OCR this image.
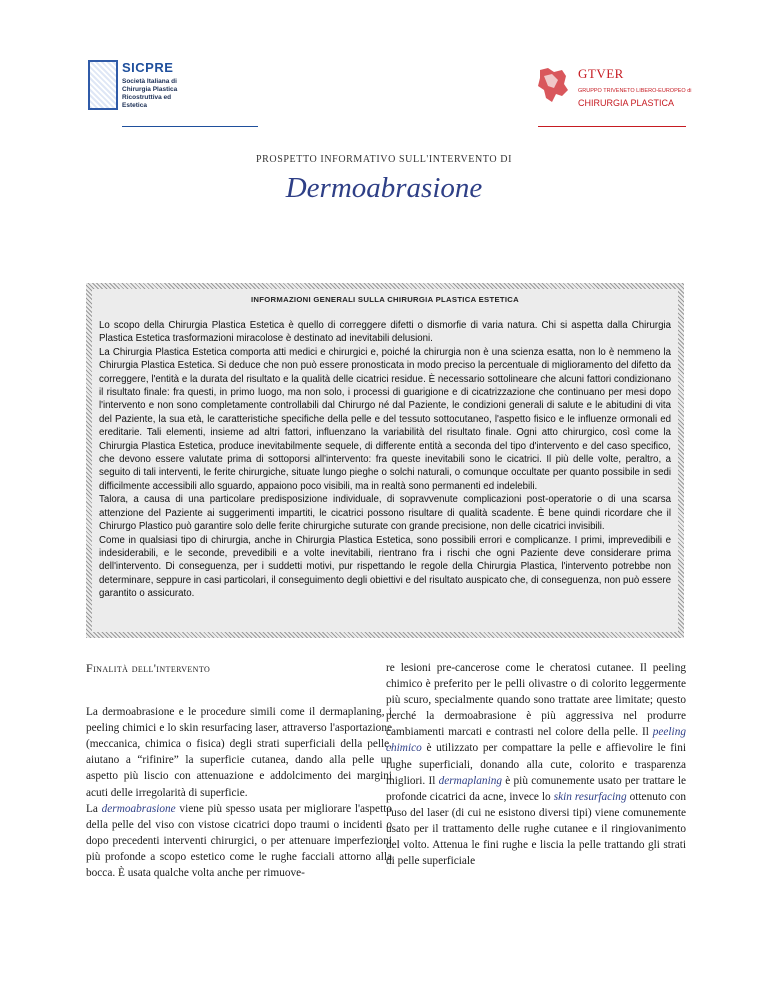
SICPRE
Società Italiana di
Chirurgia Plastica
Ricostruttiva ed Estetica
GTVER
GRUPPO TRIVENETO LIBERO-EUROPEO di
CHIRURGIA PLASTICA
PROSPETTO INFORMATIVO SULL'INTERVENTO DI
Dermoabrasione
INFORMAZIONI GENERALI SULLA CHIRURGIA PLASTICA ESTETICA

Lo scopo della Chirurgia Plastica Estetica è quello di correggere difetti o dismorfie di varia natura. Chi si aspetta dalla Chirurgia Plastica Estetica trasformazioni miracolose è destinato ad inevitabili delusioni.

La Chirurgia Plastica Estetica comporta atti medici e chirurgici e, poiché la chirurgia non è una scienza esatta, non lo è nemmeno la Chirurgia Plastica Estetica. Si deduce che non può essere pronosticata in modo preciso la percentuale di miglioramento del difetto da correggere, l'entità e la durata del risultato e la qualità delle cicatrici residue. È necessario sottolineare che alcuni fattori condizionano il risultato finale: fra questi, in primo luogo, ma non solo, i processi di guarigione e di cicatrizzazione che continuano per mesi dopo l'intervento e non sono completamente controllabili dal Chirurgo né dal Paziente, le condizioni generali di salute e le abitudini di vita del Paziente, la sua età, le caratteristiche specifiche della pelle e del tessuto sottocutaneo, l'aspetto fisico e le influenze ormonali ed ereditarie. Tali elementi, insieme ad altri fattori, influenzano la variabilità del risultato finale. Ogni atto chirurgico, così come la Chirurgia Plastica Estetica, produce inevitabilmente sequele, di differente entità a seconda del tipo d'intervento e del caso specifico, che devono essere valutate prima di sottoporsi all'intervento: fra queste inevitabili sono le cicatrici. Il più delle volte, peraltro, a seguito di tali interventi, le ferite chirurgiche, situate lungo pieghe o solchi naturali, o comunque occultate per quanto possibile in sedi difficilmente accessibili allo sguardo, appaiono poco visibili, ma in realtà sono permanenti ed indelebili.

Talora, a causa di una particolare predisposizione individuale, di sopravvenute complicazioni post-operatorie o di una scarsa attenzione del Paziente ai suggerimenti impartiti, le cicatrici possono risultare di qualità scadente. È bene quindi ricordare che il Chirurgo Plastico può garantire solo delle ferite chirurgiche suturate con grande precisione, non delle cicatrici invisibili.

Come in qualsiasi tipo di chirurgia, anche in Chirurgia Plastica Estetica, sono possibili errori e complicanze. I primi, imprevedibili e indesiderabili, e le seconde, prevedibili e a volte inevitabili, rientrano fra i rischi che ogni Paziente deve considerare prima dell'intervento. Di conseguenza, per i suddetti motivi, pur rispettando le regole della Chirurgia Plastica, l'intervento potrebbe non determinare, seppure in casi particolari, il conseguimento degli obiettivi e del risultato auspicato che, di conseguenza, non può essere garantito o assicurato.

Finalità dell'intervento

La dermoabrasione e le procedure simili come il dermaplaning, i peeling chimici e lo skin resurfacing laser, attraverso l'asportazione (meccanica, chimica o fisica) degli strati superficiali della pelle, aiutano a “rifinire” la superficie cutanea, dando alla pelle un aspetto più liscio con attenuazione e addolcimento dei margini acuti delle irregolarità di superficie.

La dermoabrasione viene più spesso usata per migliorare l'aspetto della pelle del viso con vistose cicatrici dopo traumi o incidenti o dopo precedenti interventi chirurgici, o per attenuare imperfezioni più profonde a scopo estetico come le rughe facciali attorno alla bocca. È usata qualche volta anche per rimuove-

re lesioni pre-cancerose come le cheratosi cutanee. Il peeling chimico è preferito per le pelli olivastre o di colorito leggermente più scuro, specialmente quando sono trattate aree limitate; questo perché la dermoabrasione è più aggressiva nel produrre cambiamenti marcati e contrasti nel colore della pelle. Il peeling chimico è utilizzato per compattare la pelle e affievolire le fini rughe superficiali, donando alla cute, colorito e trasparenza migliori. Il dermaplaning è più comunemente usato per trattare le profonde cicatrici da acne, invece lo skin resurfacing ottenuto con l'uso del laser (di cui ne esistono diversi tipi) viene comunemente usato per il trattamento delle rughe cutanee e il ringiovanimento del volto. Attenua le fini rughe e liscia la pelle trattando gli strati di pelle superficiale
